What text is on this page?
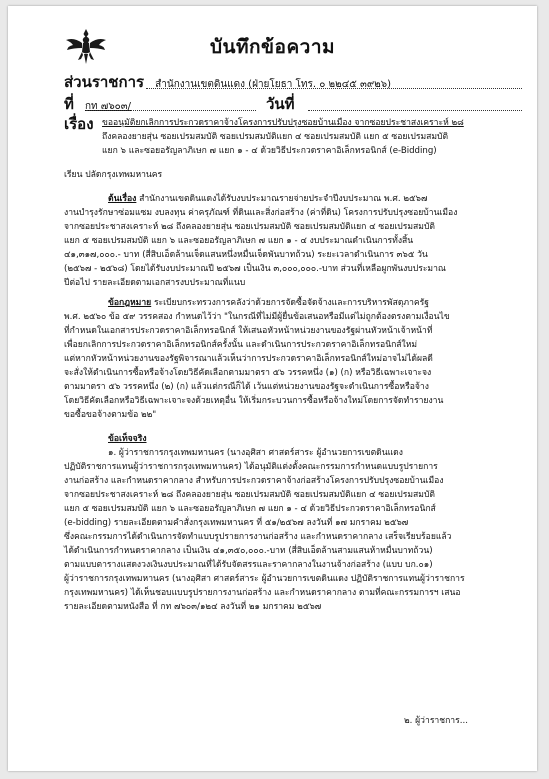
บันทึกข้อความ
ส่วนราชการ สำนักงานเขตดินแดง (ฝ่ายโยธา โทร. ๐ ๒๒๔๕ ๓๙๒๖)
ที่ กท ๗๖๐๓/	วันที่
เรื่อง ขออนุมัติยกเลิกการประกวดราคาจ้างโครงการปรับปรุงซอยบ้านเมือง จากซอยประชาสงเคราะห์ ๒๘
ถึงคลองยายสุ่น ซอยเปรมสมบัติ ซอยเปรมสมบัติแยก ๔ ซอยเปรมสมบัติ แยก ๕ ซอยเปรมสมบัติ
แยก ๖ และซอยอรัญลาภิเษก ๗ แยก ๑ - ๔ ด้วยวิธีประกวดราคาอิเล็กทรอนิกส์ (e-Bidding)
เรียน ปลัดกรุงเทพมหานคร
ต้นเรื่อง สำนักงานเขตดินแดงได้รับงบประมาณรายจ่ายประจำปีงบประมาณ พ.ศ. ๒๕๖๗
งานบำรุงรักษาซ่อมแซม งบลงทุน ค่าครุภัณฑ์ ที่ดินและสิ่งก่อสร้าง (ค่าที่ดิน) โครงการปรับปรุงซอยบ้านเมือง
จากซอยประชาสงเคราะห์ ๒๘ ถึงคลองยายสุ่น ซอยเปรมสมบัติ ซอยเปรมสมบัติแยก ๔ ซอยเปรมสมบัติ
แยก ๕ ซอยเปรมสมบัติ แยก ๖ และซอยอรัญลาภิเษก ๗ แยก ๑ - ๔ งบประมาณดำเนินการทั้งสิ้น
๔๑,๓๑๗,๐๐๐.- บาท (สี่สิบเอ็ดล้านเจ็ดแสนหนึ่งหมื่นเจ็ดพันบาทถ้วน) ระยะเวลาดำเนินการ ๓๖๕ วัน
(๒๕๖๗ - ๒๕๖๘) โดยได้รับงบประมาณปี ๒๕๖๗ เป็นเงิน ๓,๐๐๐,๐๐๐.-บาท ส่วนที่เหลือผูกพันงบประมาณ
ปีต่อไป รายละเอียดตามเอกสารงบประมาณที่แนบ
ข้อกฎหมาย ระเบียบกระทรวงการคลังว่าด้วยการจัดซื้อจัดจ้างและการบริหารพัสดุภาครัฐ
พ.ศ. ๒๕๖๐ ข้อ ๕๙ วรรคสอง กำหนดไว้ว่า "ในกรณีที่ไม่มีผู้ยื่นข้อเสนอหรือมีแต่ไม่ถูกต้องตรงตามเงื่อนไข
ที่กำหนดในเอกสารประกวดราคาอิเล็กทรอนิกส์ ให้เสนอหัวหน้าหน่วยงานของรัฐผ่านหัวหน้าเจ้าหน้าที่
เพื่อยกเลิกการประกวดราคาอิเล็กทรอนิกส์ครั้งนั้น และดำเนินการประกวดราคาอิเล็กทรอนิกส์ใหม่
แต่หากหัวหน้าหน่วยงานของรัฐพิจารณาแล้วเห็นว่าการประกวดราคาอิเล็กทรอนิกส์ใหม่อาจไม่ได้ผลดี
จะสั่งให้ดำเนินการซื้อหรือจ้างโดยวิธีคัดเลือกตามมาตรา ๕๖ วรรคหนึ่ง (๑) (ก) หรือวิธีเฉพาะเจาะจง
ตามมาตรา ๕๖ วรรคหนึ่ง (๒) (ก) แล้วแต่กรณีก็ได้ เว้นแต่หน่วยงานของรัฐจะดำเนินการซื้อหรือจ้าง
โดยวิธีคัดเลือกหรือวิธีเฉพาะเจาะจงด้วยเหตุอื่น ให้เริ่มกระบวนการซื้อหรือจ้างใหม่โดยการจัดทำรายงาน
ขอซื้อขอจ้างตามข้อ ๒๒"
ข้อเท็จจริง
๑. ผู้ว่าราชการกรุงเทพมหานคร (นางอุศิสา ศาสตร์สาระ ผู้อำนวยการเขตดินแดง
ปฏิบัติราชการแทนผู้ว่าราชการกรุงเทพมหานคร) ได้อนุมัติแต่งตั้งคณะกรรมการกำหนดแบบรูปรายการ
งานก่อสร้าง และกำหนดราคากลาง สำหรับการประกวดราคาจ้างก่อสร้างโครงการปรับปรุงซอยบ้านเมือง
จากซอยประชาสงเคราะห์ ๒๘ ถึงคลองยายสุ่น ซอยเปรมสมบัติ ซอยเปรมสมบัติแยก ๔ ซอยเปรมสมบัติ
แยก ๕ ซอยเปรมสมบัติ แยก ๖ และซอยอรัญลาภิเษก ๗ แยก ๑ - ๔ ด้วยวิธีประกวดราคาอิเล็กทรอนิกส์
(e-bidding) รายละเอียดตามคำสั่งกรุงเทพมหานคร ที่ ๕๑/๒๕๖๗ ลงวันที่ ๑๗ มกราคม ๒๕๖๗
ซึ่งคณะกรรมการได้ดำเนินการจัดทำแบบรูปรายการงานก่อสร้าง และกำหนดราคากลาง เสร็จเรียบร้อยแล้ว
ได้ดำเนินการกำหนดราคากลาง เป็นเงิน ๔๑,๓๕๐,๐๐๐.-บาท (สี่สิบเอ็ดล้านสามแสนห้าหมื่นบาทถ้วน)
ตามแบบตารางแสดงวงเงินงบประมาณที่ได้รับจัดสรรและราคากลางในงานจ้างก่อสร้าง (แบบ บก.๐๑)
ผู้ว่าราชการกรุงเทพมหานคร (นางอุศิสา ศาสตร์สาระ ผู้อำนวยการเขตดินแดง ปฏิบัติราชการแทนผู้ว่าราชการ
กรุงเทพมหานคร) ได้เห็นชอบแบบรูปรายการงานก่อสร้าง และกำหนดราคากลาง ตามที่คณะกรรมการฯ เสนอ
รายละเอียดตามหนังสือ ที่ กท ๗๖๐๓/๑๒๔ ลงวันที่ ๒๑ มกราคม ๒๕๖๗
๒. ผู้ว่าราชการ...
